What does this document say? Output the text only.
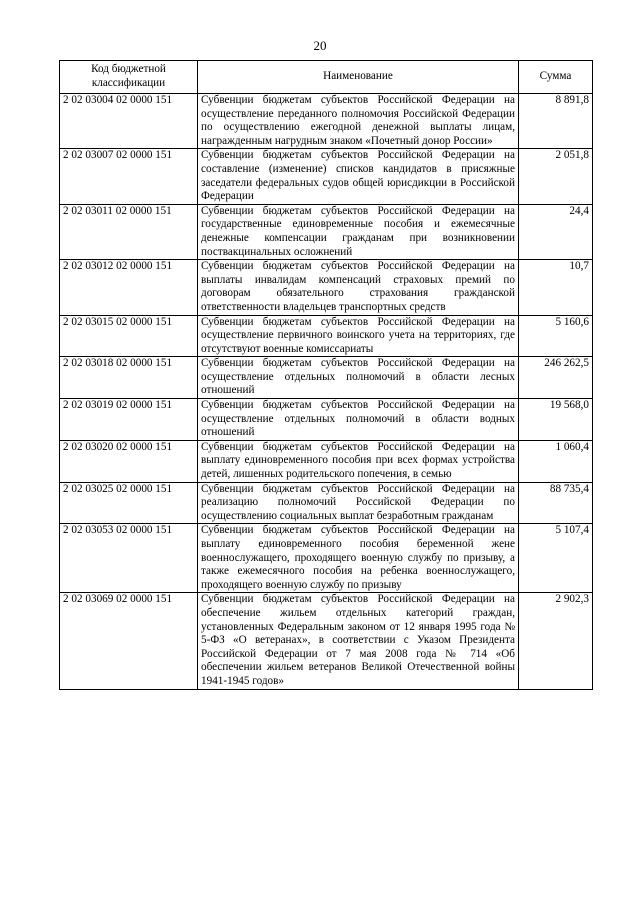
20
Код бюджетной классификации	Наименование	Сумма
2 02 03004 02 0000 151	Субвенции бюджетам субъектов Российской Федерации на осуществление переданного полномочия Российской Федерации по осуществлению ежегодной денежной выплаты лицам, награжденным нагрудным знаком «Почетный донор России»	8 891,8
2 02 03007 02 0000 151	Субвенции бюджетам субъектов Российской Федерации на составление (изменение) списков кандидатов в присяжные заседатели федеральных судов общей юрисдикции в Российской Федерации	2 051,8
2 02 03011 02 0000 151	Субвенции бюджетам субъектов Российской Федерации на государственные единовременные пособия и ежемесячные денежные компенсации гражданам при возникновении поствакцинальных осложнений	24,4
2 02 03012 02 0000 151	Субвенции бюджетам субъектов Российской Федерации на выплаты инвалидам компенсаций страховых премий по договорам обязательного страхования гражданской ответственности владельцев транспортных средств	10,7
2 02 03015 02 0000 151	Субвенции бюджетам субъектов Российской Федерации на осуществление первичного воинского учета на территориях, где отсутствуют военные комиссариаты	5 160,6
2 02 03018 02 0000 151	Субвенции бюджетам субъектов Российской Федерации на осуществление отдельных полномочий в области лесных отношений	246 262,5
2 02 03019 02 0000 151	Субвенции бюджетам субъектов Российской Федерации на осуществление отдельных полномочий в области водных отношений	19 568,0
2 02 03020 02 0000 151	Субвенции бюджетам субъектов Российской Федерации на выплату единовременного пособия при всех формах устройства детей, лишенных родительского попечения, в семью	1 060,4
2 02 03025 02 0000 151	Субвенции бюджетам субъектов Российской Федерации на реализацию полномочий Российской Федерации по осуществлению социальных выплат безработным гражданам	88 735,4
2 02 03053 02 0000 151	Субвенции бюджетам субъектов Российской Федерации на выплату единовременного пособия беременной жене военнослужащего, проходящего военную службу по призыву, а также ежемесячного пособия на ребенка военнослужащего, проходящего военную службу по призыву	5 107,4
2 02 03069 02 0000 151	Субвенции бюджетам субъектов Российской Федерации на обеспечение жильем отдельных категорий граждан, установленных Федеральным законом от 12 января 1995 года № 5-ФЗ «О ветеранах», в соответствии с Указом Президента Российской Федерации от 7 мая 2008 года № 714 «Об обеспечении жильем ветеранов Великой Отечественной войны 1941-1945 годов»	2 902,3
